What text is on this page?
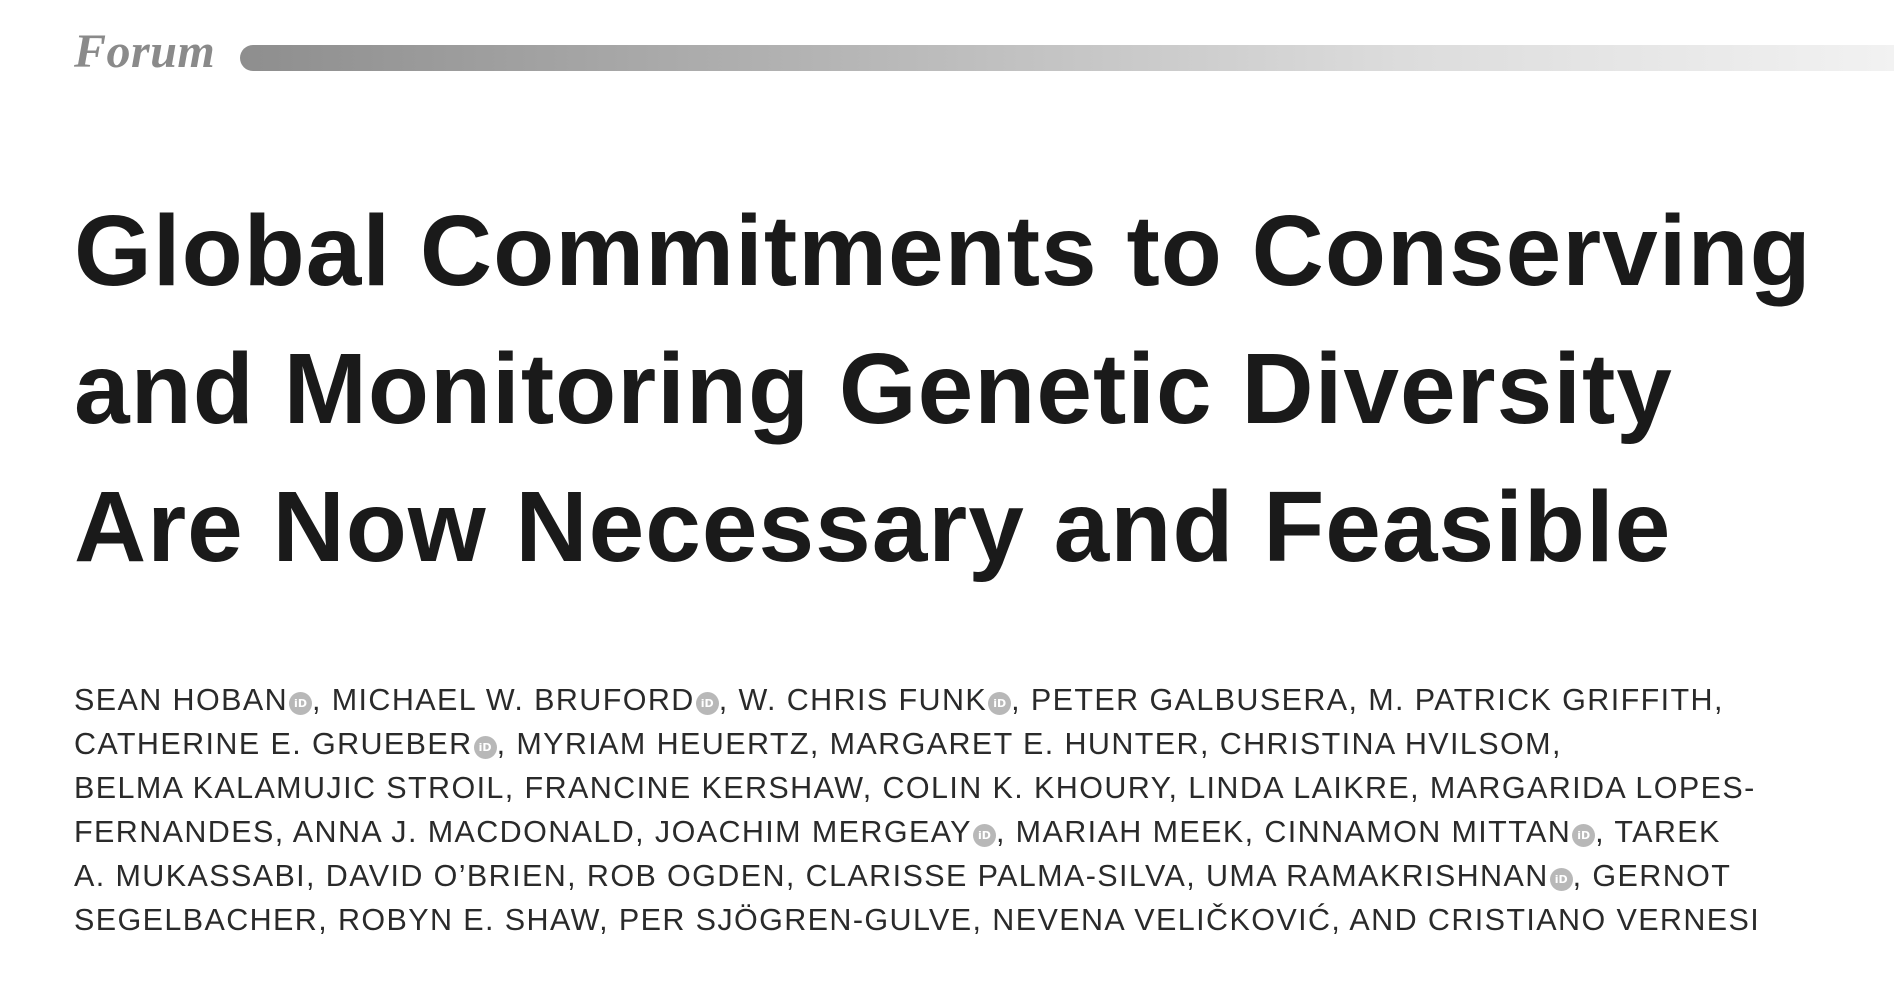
Forum
Global Commitments to Conserving
and Monitoring Genetic Diversity
Are Now Necessary and Feasible
SEAN HOBAN iD , MICHAEL W. BRUFORD iD , W. CHRIS FUNK iD , PETER GALBUSERA, M. PATRICK GRIFFITH,
CATHERINE E. GRUEBER iD , MYRIAM HEUERTZ, MARGARET E. HUNTER, CHRISTINA HVILSOM,
BELMA KALAMUJIC STROIL, FRANCINE KERSHAW, COLIN K. KHOURY, LINDA LAIKRE, MARGARIDA LOPES-
FERNANDES, ANNA J. MACDONALD, JOACHIM MERGEAY iD , MARIAH MEEK, CINNAMON MITTAN iD , TAREK
A. MUKASSABI, DAVID O’BRIEN, ROB OGDEN, CLARISSE PALMA-SILVA, UMA RAMAKRISHNAN iD , GERNOT
SEGELBACHER, ROBYN E. SHAW, PER SJÖGREN-GULVE, NEVENA VELIČKOVIĆ, AND CRISTIANO VERNESI
